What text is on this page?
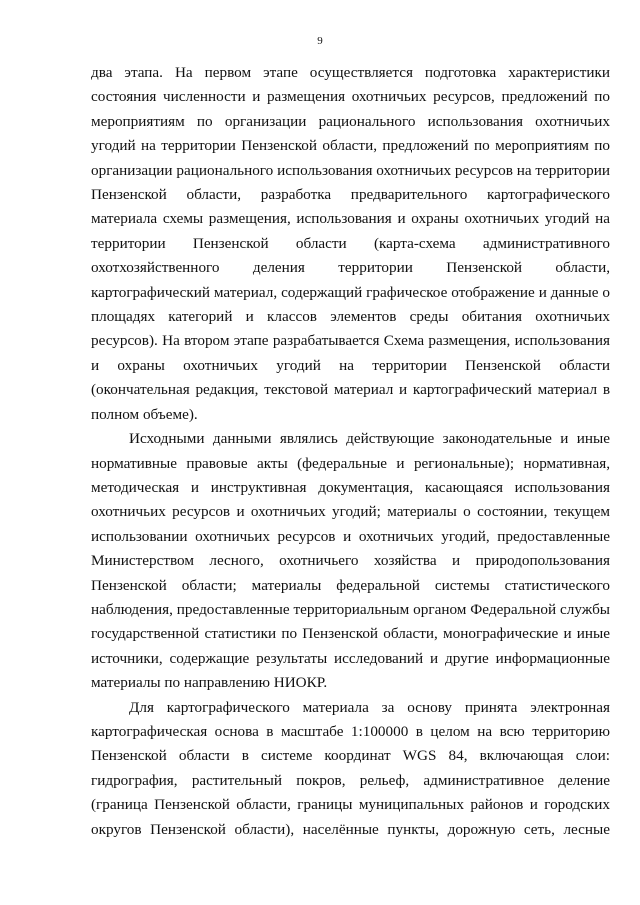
9

два этапа. На первом этапе осуществляется подготовка характеристики состояния численности и размещения охотничьих ресурсов, предложений по мероприятиям по организации рационального использования охотничьих угодий на территории Пензенской области, предложений по мероприятиям по организации рационального использования охотничьих ресурсов на территории Пензенской области, разработка предварительного картографического материала схемы размещения, использования и охраны охотничьих угодий на территории Пензенской области (карта-схема административного охотхозяйственного деления территории Пензенской области, картографический материал, содержащий графическое отображение и данные о площадях категорий и классов элементов среды обитания охотничьих ресурсов). На втором этапе разрабатывается Схема размещения, использования и охраны охотничьих угодий на территории Пензенской области (окончательная редакция, текстовой материал и картографический материал в полном объеме).

Исходными данными являлись действующие законодательные и иные нормативные правовые акты (федеральные и региональные); нормативная, методическая и инструктивная документация, касающаяся использования охотничьих ресурсов и охотничьих угодий; материалы о состоянии, текущем использовании охотничьих ресурсов и охотничьих угодий, предоставленные Министерством лесного, охотничьего хозяйства и природопользования Пензенской области; материалы федеральной системы статистического наблюдения, предоставленные территориальным органом Федеральной службы государственной статистики по Пензенской области, монографические и иные источники, содержащие результаты исследований и другие информационные материалы по направлению НИОКР.

Для картографического материала за основу принята электронная картографическая основа в масштабе 1:100000 в целом на всю территорию Пензенской области в системе координат WGS 84, включающая слои: гидрография, растительный покров, рельеф, административное деление (граница Пензенской области, границы муниципальных районов и городских округов Пензенской области), населённые пункты, дорожную сеть, лесные
